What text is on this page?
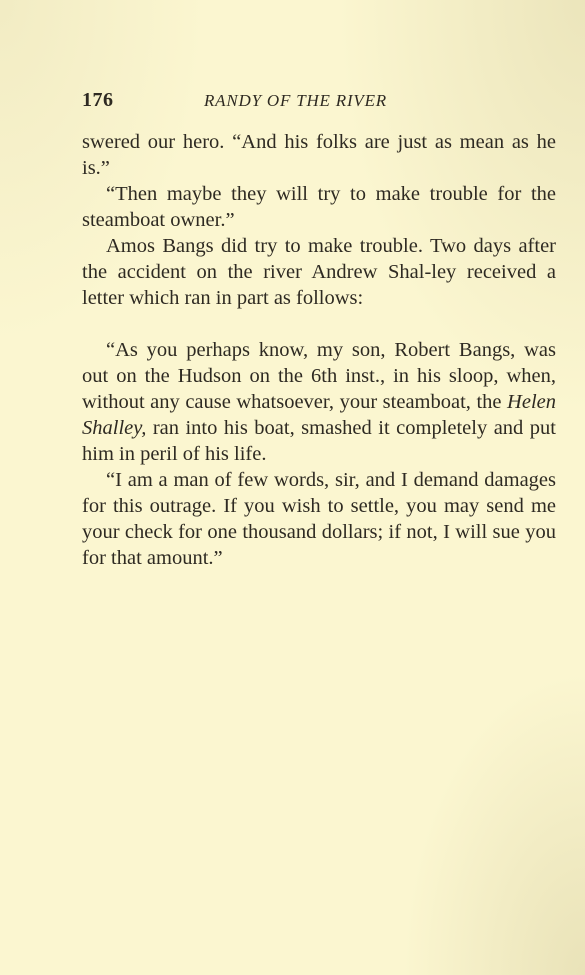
176	RANDY OF THE RIVER

swered our hero. “And his folks are just as mean as he is.”

“Then maybe they will try to make trouble for the steamboat owner.”

Amos Bangs did try to make trouble. Two days after the accident on the river Andrew Shal-ley received a letter which ran in part as follows:

“As you perhaps know, my son, Robert Bangs, was out on the Hudson on the 6th inst., in his sloop, when, without any cause whatsoever, your steamboat, the Helen Shalley, ran into his boat, smashed it completely and put him in peril of his life.

“I am a man of few words, sir, and I demand damages for this outrage. If you wish to settle, you may send me your check for one thousand dollars; if not, I will sue you for that amount.”
